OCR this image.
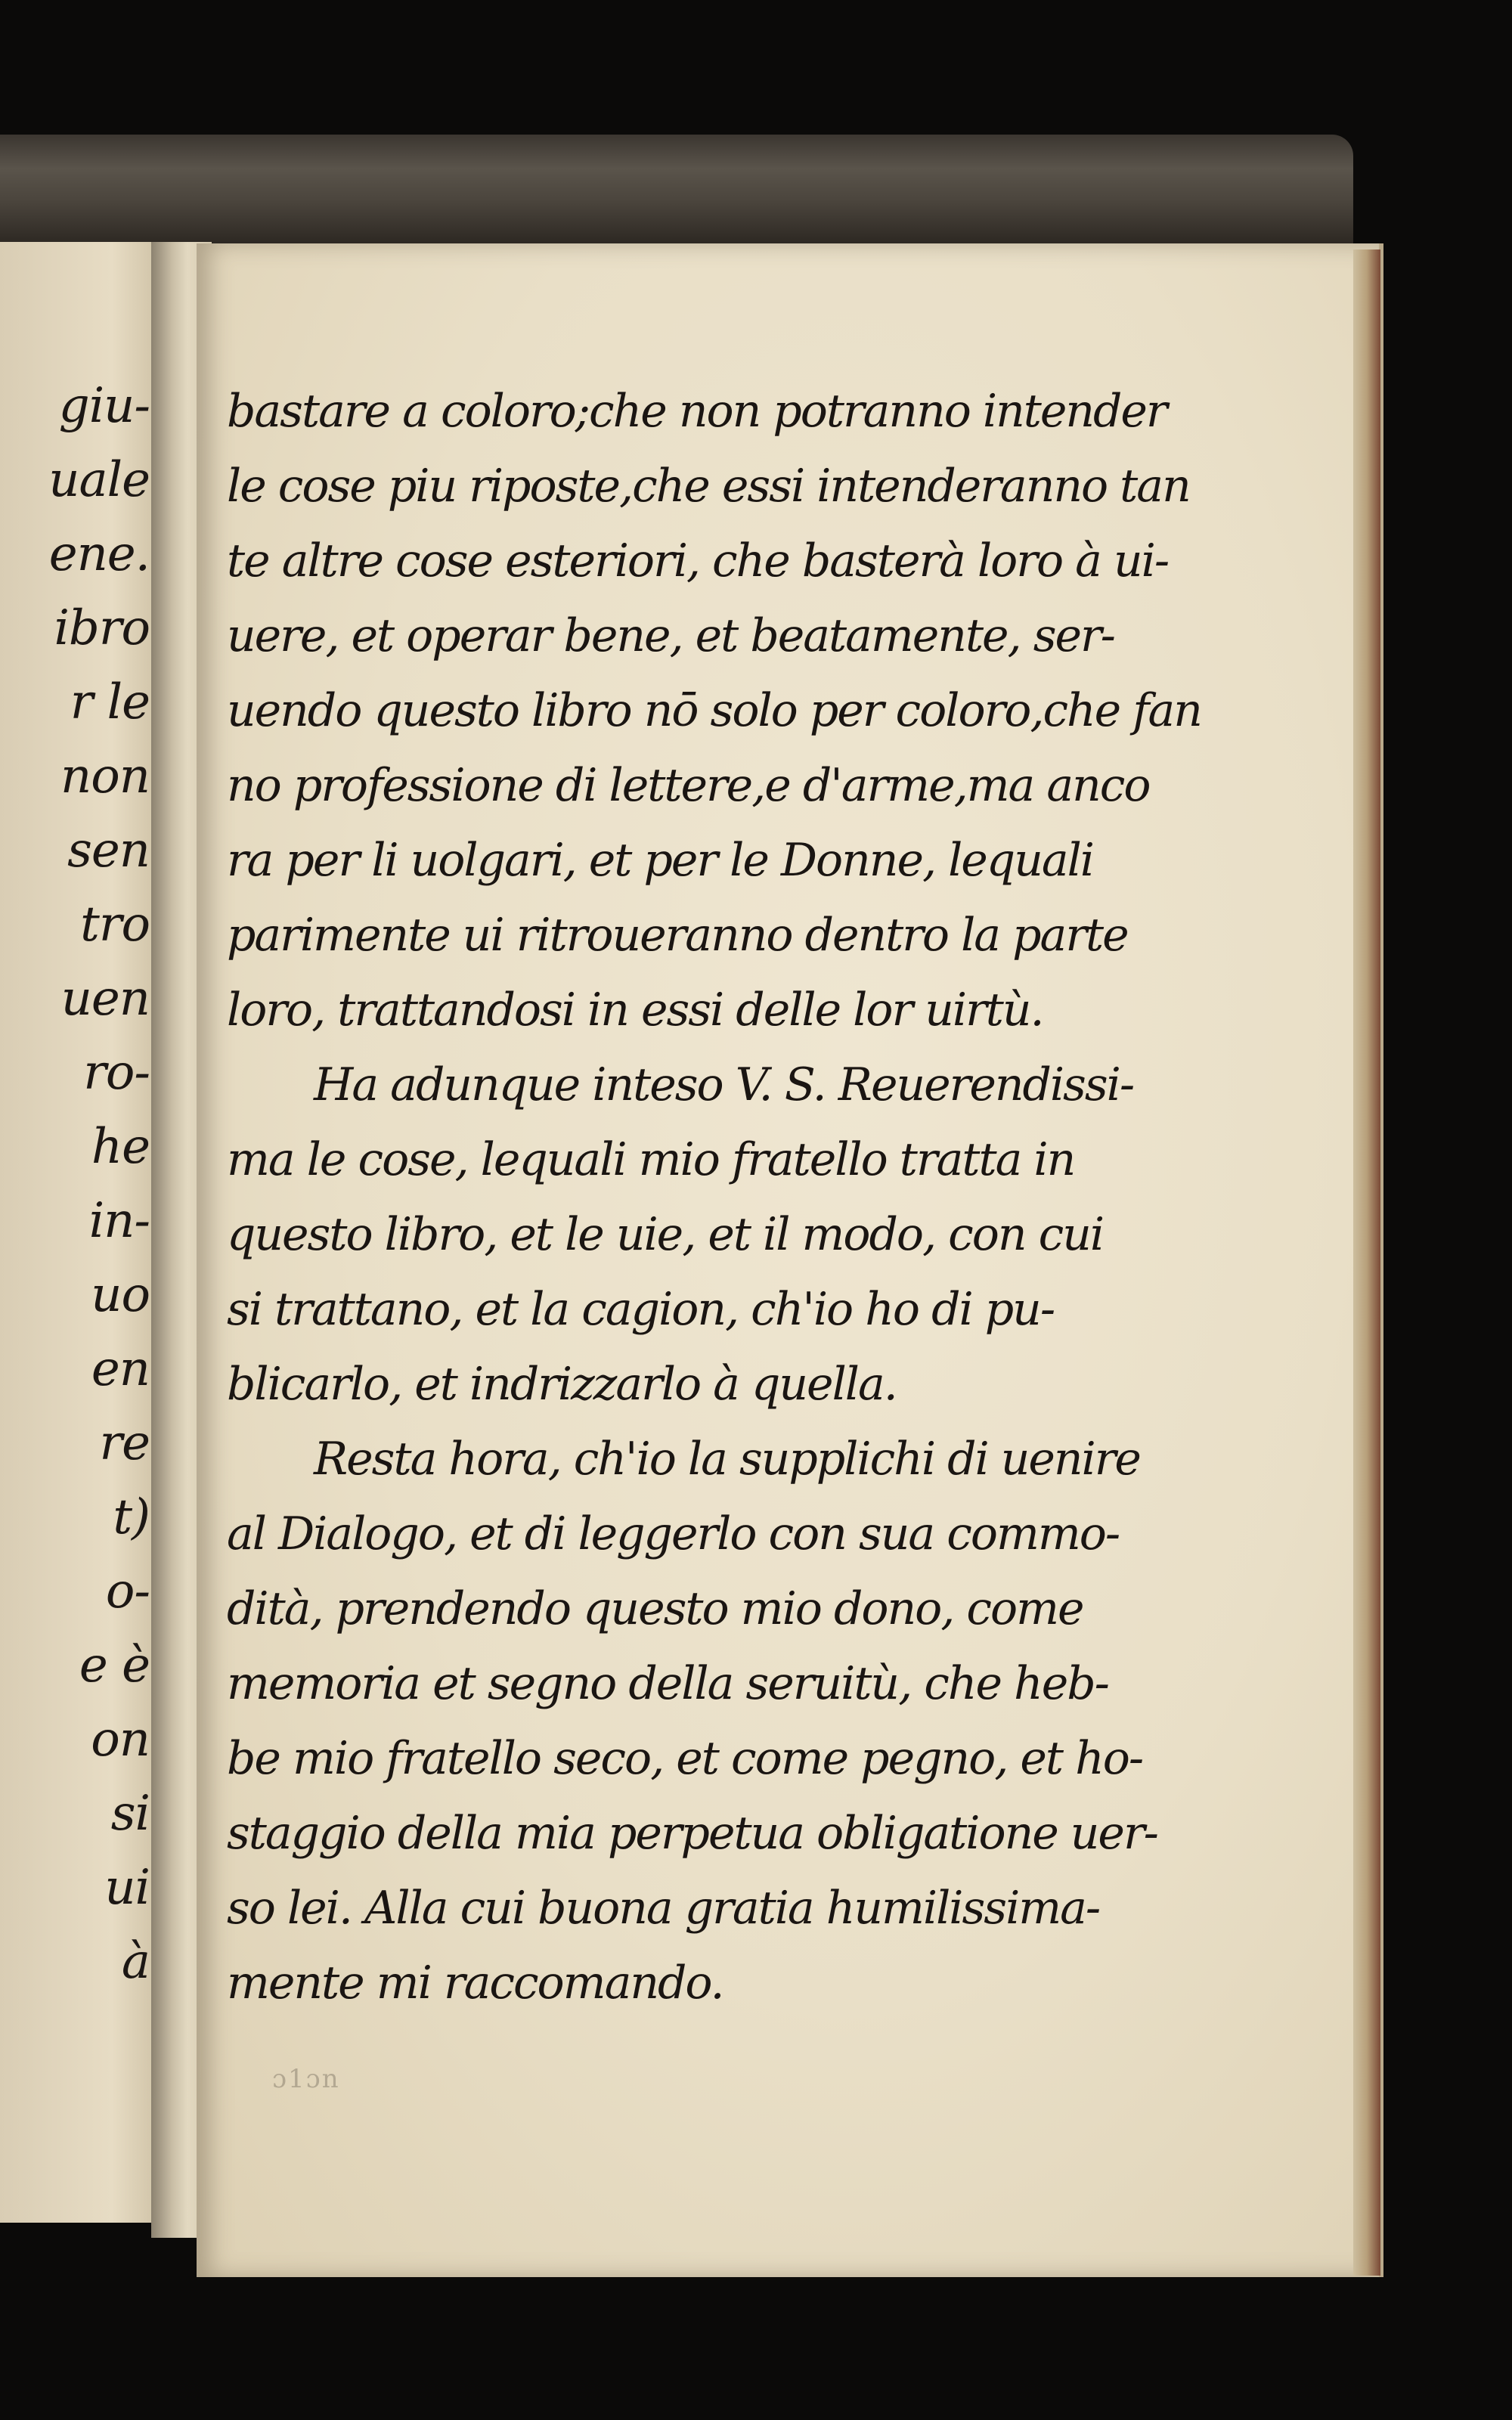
giu-
uale
ene.
ibro
r le
non
sen
tro
uen
ro-
he
in-
uo
en
re
t)
o-
e è
on
si
ui
à
bastare a coloro;che non potranno intender
le cose piu riposte,che essi intenderanno tan
te altre cose esteriori, che basterà loro à ui-
uere, et operar bene, et beatamente, ser-
uendo questo libro nō solo per coloro,che fan
no professione di lettere,e d'arme,ma anco
ra per li uolgari, et per le Donne, lequali
parimente ui ritroueranno dentro la parte
loro, trattandosi in essi delle lor uirtù.
Ha adunque inteso V. S. Reuerendissi-
ma le cose, lequali mio fratello tratta in
questo libro, et le uie, et il modo, con cui
si trattano, et la cagion, ch'io ho di pu-
blicarlo, et indrizzarlo à quella.
Resta hora, ch'io la supplichi di uenire
al Dialogo, et di leggerlo con sua commo-
dità, prendendo questo mio dono, come
memoria et segno della seruitù, che heb-
be mio fratello seco, et come pegno, et ho-
staggio della mia perpetua obligatione uer-
so lei. Alla cui buona gratia humilissima-
mente mi raccomando.
ɔ1ɔn
